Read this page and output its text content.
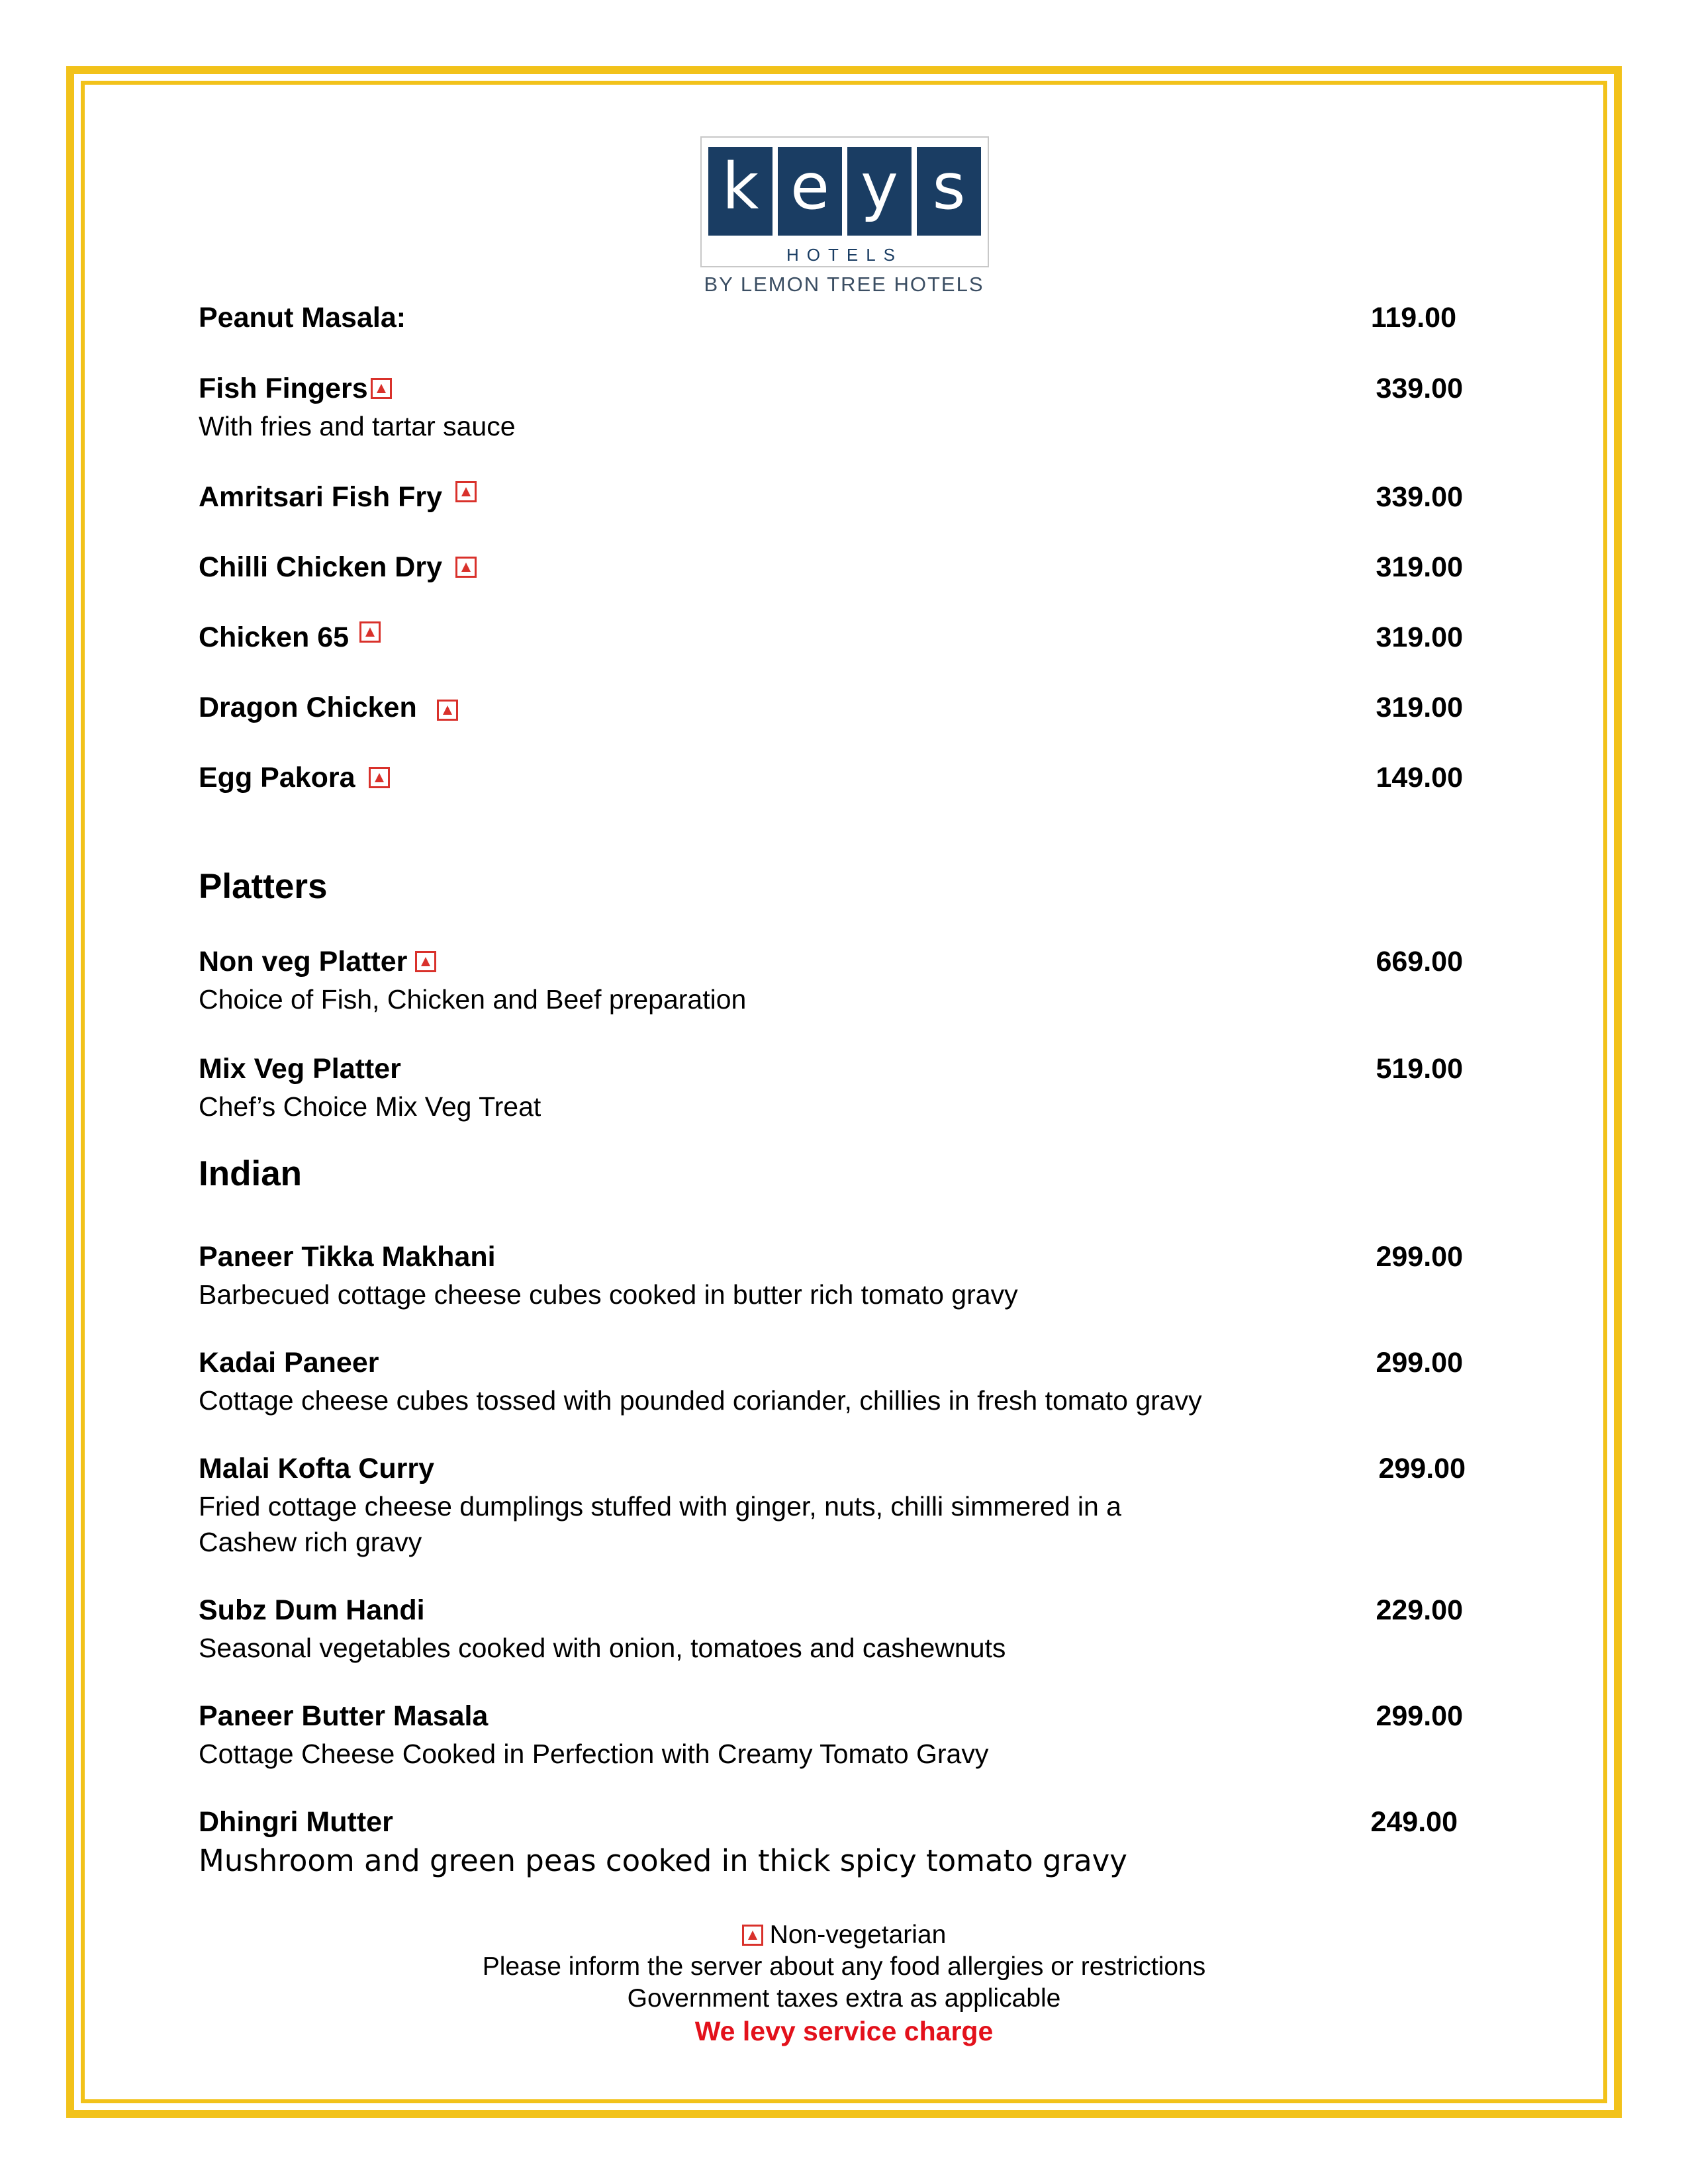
k e y s
HOTELS
BY LEMON TREE HOTELS
Peanut Masala:	119.00
Fish Fingers	339.00
With fries and tartar sauce
Amritsari Fish Fry	339.00
Chilli Chicken Dry	319.00
Chicken 65	319.00
Dragon Chicken	319.00
Egg Pakora	149.00
Platters
Non veg Platter	669.00
Choice of Fish, Chicken and Beef preparation
Mix Veg Platter	519.00
Chef’s Choice Mix Veg Treat
Indian
Paneer Tikka Makhani	299.00
Barbecued cottage cheese cubes cooked in butter rich tomato gravy
Kadai Paneer	299.00
Cottage cheese cubes tossed with pounded coriander, chillies in fresh tomato gravy
Malai Kofta Curry	299.00
Fried cottage cheese dumplings stuffed with ginger, nuts, chilli simmered in a
Cashew rich gravy
Subz Dum Handi	229.00
Seasonal vegetables cooked with onion, tomatoes and cashewnuts
Paneer Butter Masala	299.00
Cottage Cheese Cooked in Perfection with Creamy Tomato Gravy
Dhingri Mutter	249.00
Mushroom and green peas cooked in thick spicy tomato gravy
Non-vegetarian
Please inform the server about any food allergies or restrictions
Government taxes extra as applicable
We levy service charge
